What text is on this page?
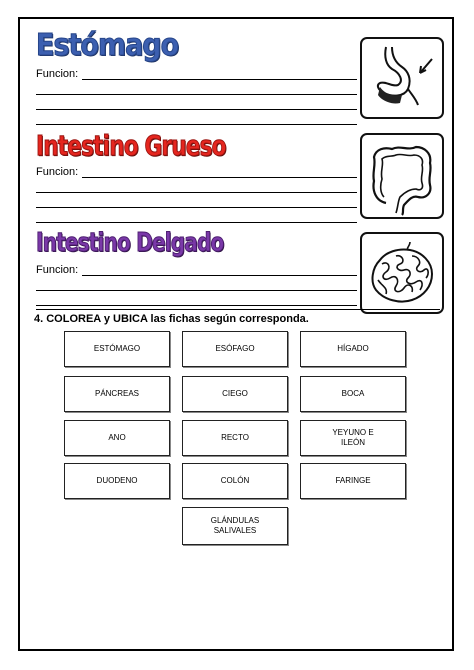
Estómago
Funcion:
Intestino Grueso
Funcion:
Intestino Delgado
Funcion:
4. COLOREA y UBICA las fichas según corresponda.
ESTÓMAGO	ESÓFAGO	HÍGADO
PÁNCREAS	CIEGO	BOCA
ANO	RECTO
YEYUNO E
ILEÓN
DUODENO	COLÓN	FARINGE
GLÁNDULAS
SALIVALES
